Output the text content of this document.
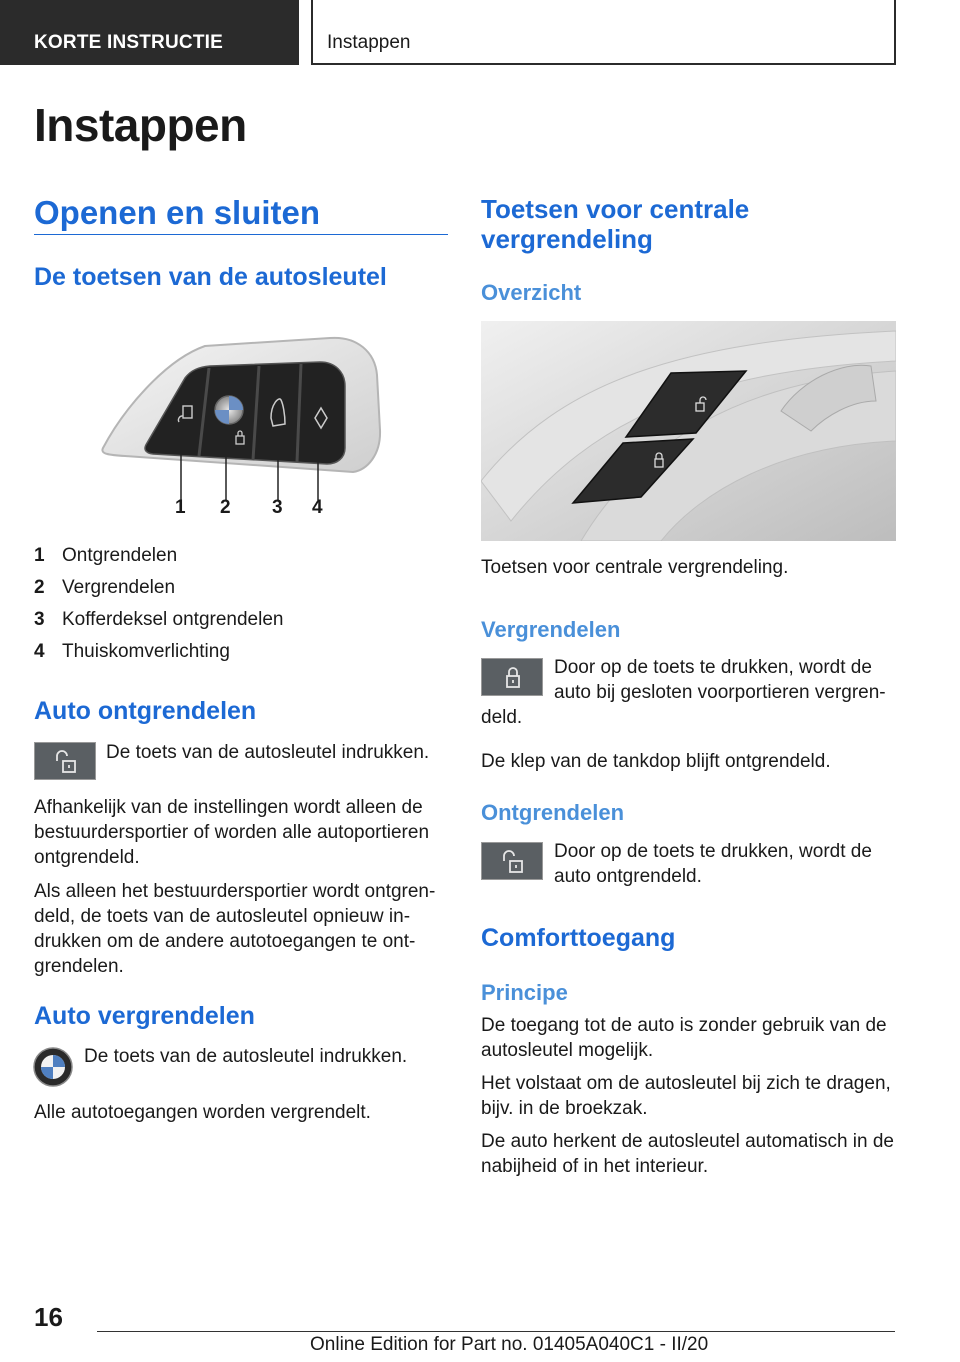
KORTE INSTRUCTIE	Instappen
Instappen
Openen en sluiten
De toetsen van de autosleutel
1 2 3 4
1 Ontgrendelen
2 Vergrendelen
3 Kofferdeksel ontgrendelen
4 Thuiskomverlichting
Auto ontgrendelen
De toets van de autosleutel indrukken.

Afhankelijk van de instellingen wordt alleen de

bestuurdersportier of worden alle autoportieren

ontgrendeld.

Als alleen het bestuurdersportier wordt ontgren‐

deld, de toets van de autosleutel opnieuw in‐

drukken om de andere autotoegangen te ont‐

grendelen.

Auto vergrendelen
De toets van de autosleutel indrukken.
Alle autotoegangen worden vergrendelt.
Toetsen voor centrale
vergrendeling
Overzicht
Toetsen voor centrale vergrendeling.
Vergrendelen

Door op de toets te drukken, wordt de

auto bij gesloten voorportieren vergren‐

deld.
De klep van de tankdop blijft ontgrendeld.
Ontgrendelen

Door op de toets te drukken, wordt de

auto ontgrendeld.

Comforttoegang
Principe

De toegang tot de auto is zonder gebruik van de

autosleutel mogelijk.

Het volstaat om de autosleutel bij zich te dragen,

bijv. in de broekzak.

De auto herkent de autosleutel automatisch in de

nabijheid of in het interieur.

16
Online Edition for Part no. 01405A040C1 - II/20
